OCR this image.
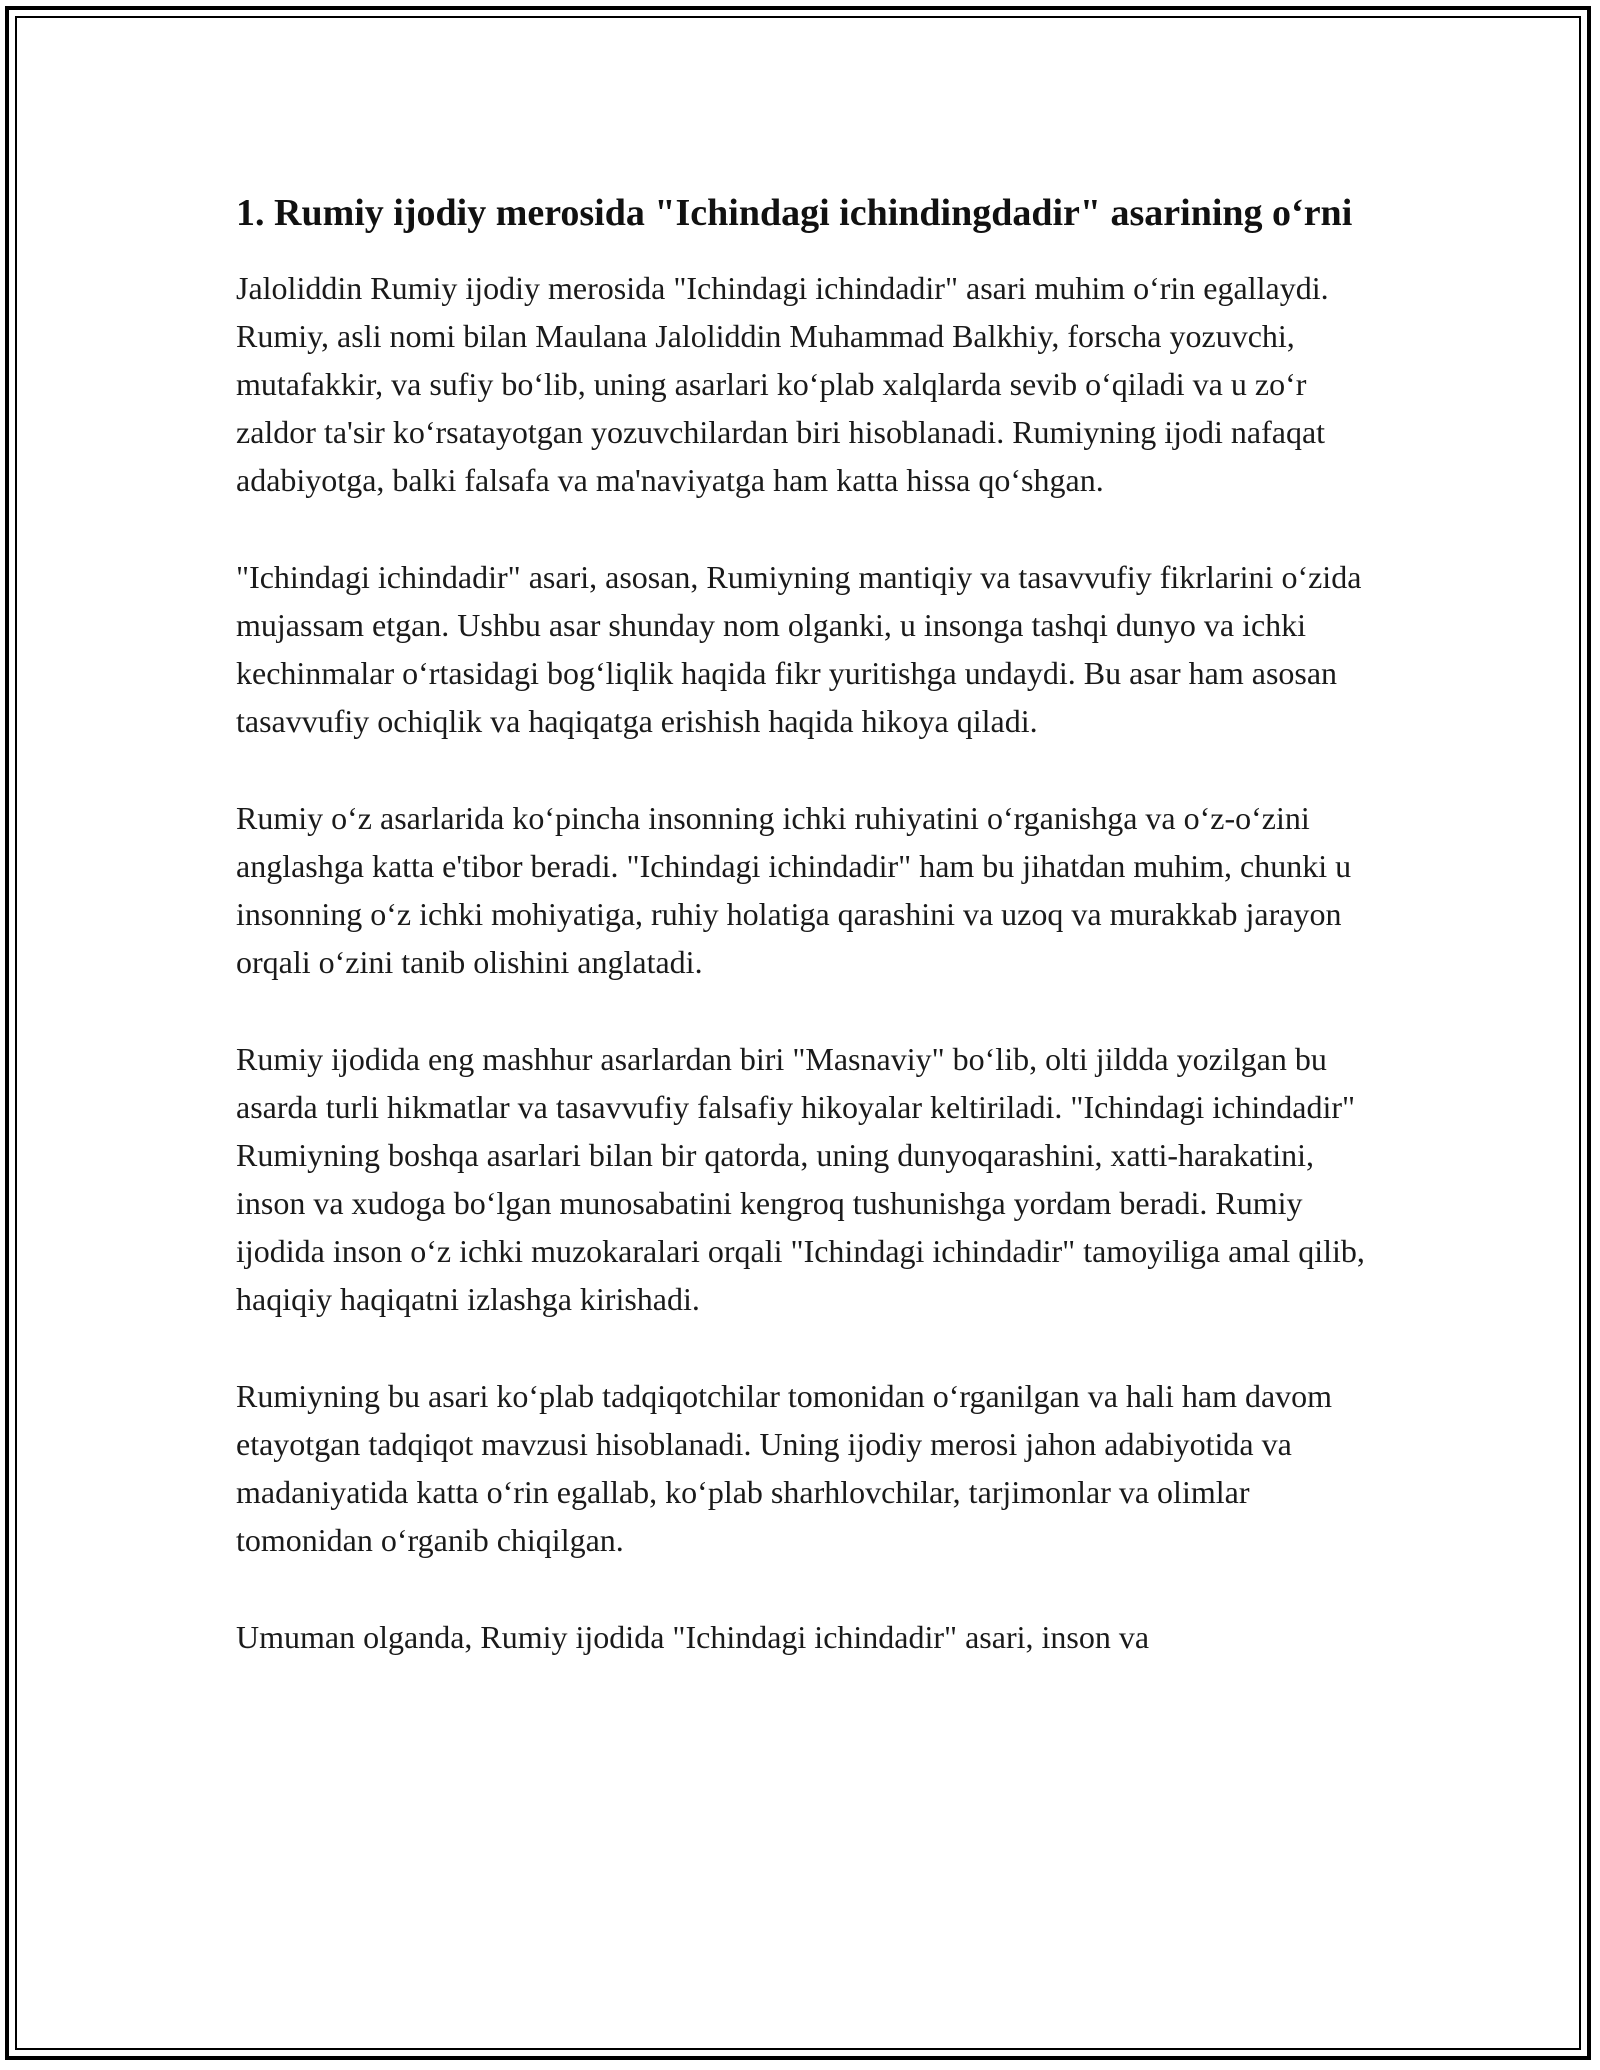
1. Rumiy ijodiy merosida "Ichindagi ichindingdadir" asarining o‘rni

Jaloliddin Rumiy ijodiy merosida "Ichindagi ichindadir" asari muhim o‘rin egallaydi. Rumiy, asli nomi bilan Maulana Jaloliddin Muhammad Balkhiy, forscha yozuvchi, mutafakkir, va sufiy bo‘lib, uning asarlari ko‘plab xalqlarda sevib o‘qiladi va u zo‘r zaldor ta'sir ko‘rsatayotgan yozuvchilardan biri hisoblanadi. Rumiyning ijodi nafaqat adabiyotga, balki falsafa va ma'naviyatga ham katta hissa qo‘shgan.

"Ichindagi ichindadir" asari, asosan, Rumiyning mantiqiy va tasavvufiy fikrlarini o‘zida mujassam etgan. Ushbu asar shunday nom olganki, u insonga tashqi dunyo va ichki kechinmalar o‘rtasidagi bog‘liqlik haqida fikr yuritishga undaydi. Bu asar ham asosan tasavvufiy ochiqlik va haqiqatga erishish haqida hikoya qiladi.

Rumiy o‘z asarlarida ko‘pincha insonning ichki ruhiyatini o‘rganishga va o‘z-o‘zini anglashga katta e'tibor beradi. "Ichindagi ichindadir" ham bu jihatdan muhim, chunki u insonning o‘z ichki mohiyatiga, ruhiy holatiga qarashini va uzoq va murakkab jarayon orqali o‘zini tanib olishini anglatadi.

Rumiy ijodida eng mashhur asarlardan biri "Masnaviy" bo‘lib, olti jildda yozilgan bu asarda turli hikmatlar va tasavvufiy falsafiy hikoyalar keltiriladi. "Ichindagi ichindadir" Rumiyning boshqa asarlari bilan bir qatorda, uning dunyoqarashini, xatti-harakatini, inson va xudoga bo‘lgan munosabatini kengroq tushunishga yordam beradi. Rumiy ijodida inson o‘z ichki muzokaralari orqali "Ichindagi ichindadir" tamoyiliga amal qilib, haqiqiy haqiqatni izlashga kirishadi.

Rumiyning bu asari ko‘plab tadqiqotchilar tomonidan o‘rganilgan va hali ham davom etayotgan tadqiqot mavzusi hisoblanadi. Uning ijodiy merosi jahon adabiyotida va madaniyatida katta o‘rin egallab, ko‘plab sharhlovchilar, tarjimonlar va olimlar tomonidan o‘rganib chiqilgan.

Umuman olganda, Rumiy ijodida "Ichindagi ichindadir" asari, inson va
